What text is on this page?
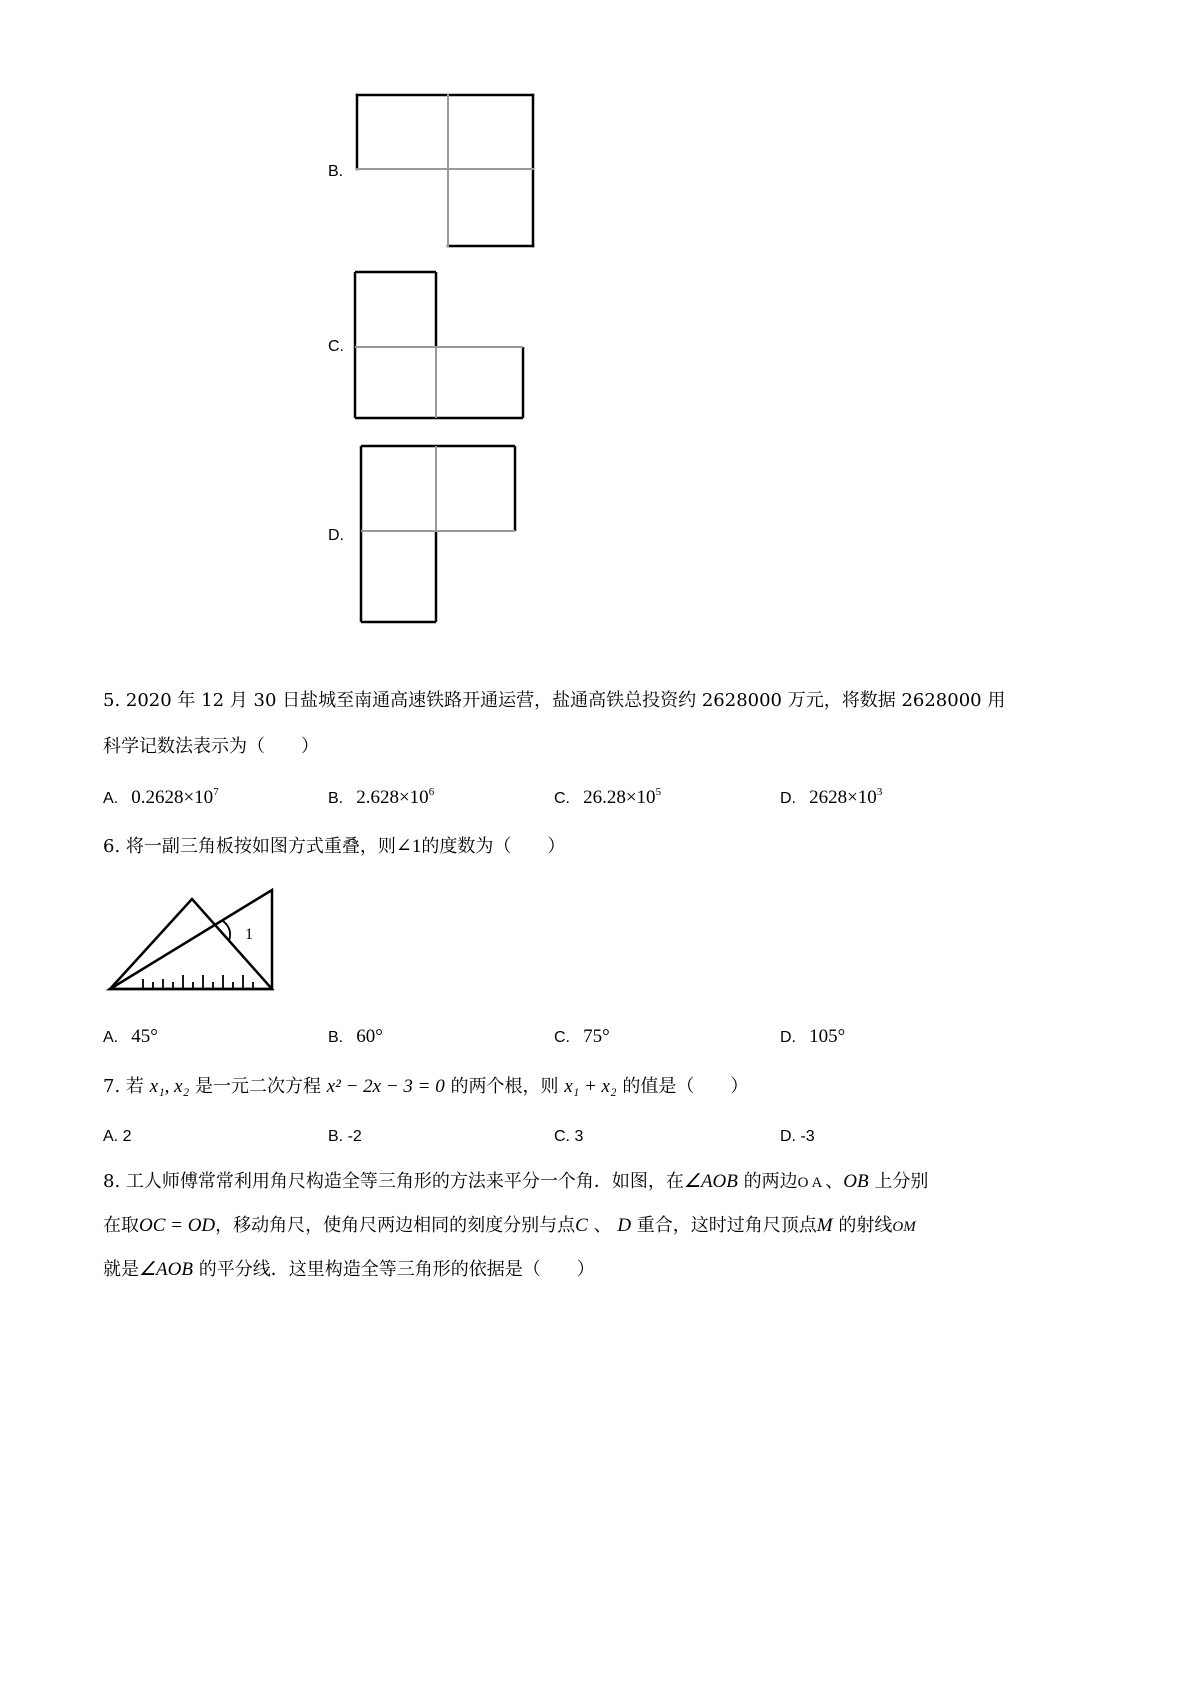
B.
C.
D.
5. 2020 年 12 月 30 日盐城至南通高速铁路开通运营，盐通高铁总投资约 2628000 万元，将数据 2628000 用
科学记数法表示为（　　）
A. $0.2628\times 10^7$	B. $2.628\times 10^6$	C. $26.28\times 10^5$	D. $2628\times 10^3$
6. 将一副三角板按如图方式重叠，则∠1的度数为（　　）
1
A. 45°	B. 60°	C. 75°	D. 105°
7. 若 x₁, x₂ 是一元二次方程 x² − 2x − 3 = 0 的两个根，则 x₁ + x₂ 的值是（　　）
A. 2	B. -2	C. 3	D. -3
8. 工人师傅常常利用角尺构造全等三角形的方法来平分一个角．如图，在∠AOB 的两边OA、OB 上分别
在取OC = OD，移动角尺，使角尺两边相同的刻度分别与点C 、 D 重合，这时过角尺顶点M 的射线OM
就是∠AOB 的平分线．这里构造全等三角形的依据是（　　）
